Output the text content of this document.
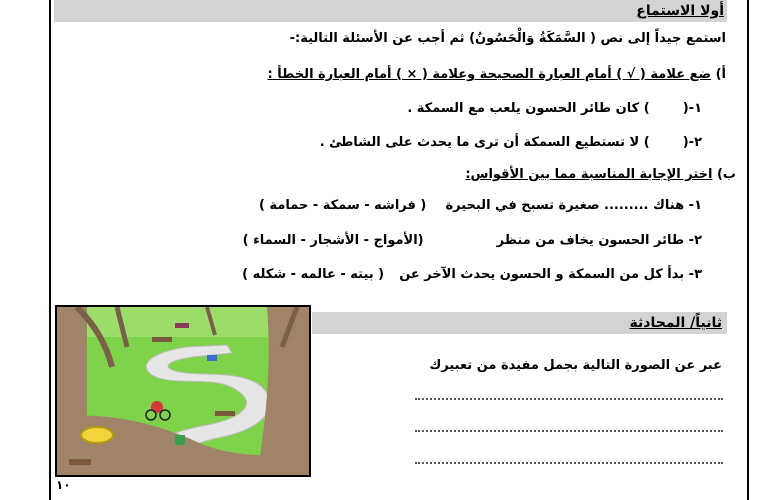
أولا الاستماع
استمع جيداً إلى نص ( السَّمَكَةُ وَالْحَسُونُ) ثم أجب عن الأسئلة التالية:-
أ) ضع علامة ( √ ) أمام العبارة الصحيحة وعلامة ( × ) أمام العبارة الخطأ :
١-(  ) كان طائر الحسون يلعب مع السمكة .
٢-(  ) لا تستطيع السمكة أن ترى ما يحدث على الشاطئ .
ب) اختر الإجابة المناسبة مما بين الأقواس:
١- هناك ......... صغيرة تسبح في البحيرة  ( فراشه - سمكة - حمامة )
٢- طائر الحسون يخاف من منظر  (الأمواج - الأشجار - السماء )
٣- بدأ كل من السمكة و الحسون يحدث الآخر عن  ( بيته - عالمه - شكله )
ثانياً/ المحادثة
عبر عن الصورة التالية بجمل مفيدة من تعبيرك
١٠
